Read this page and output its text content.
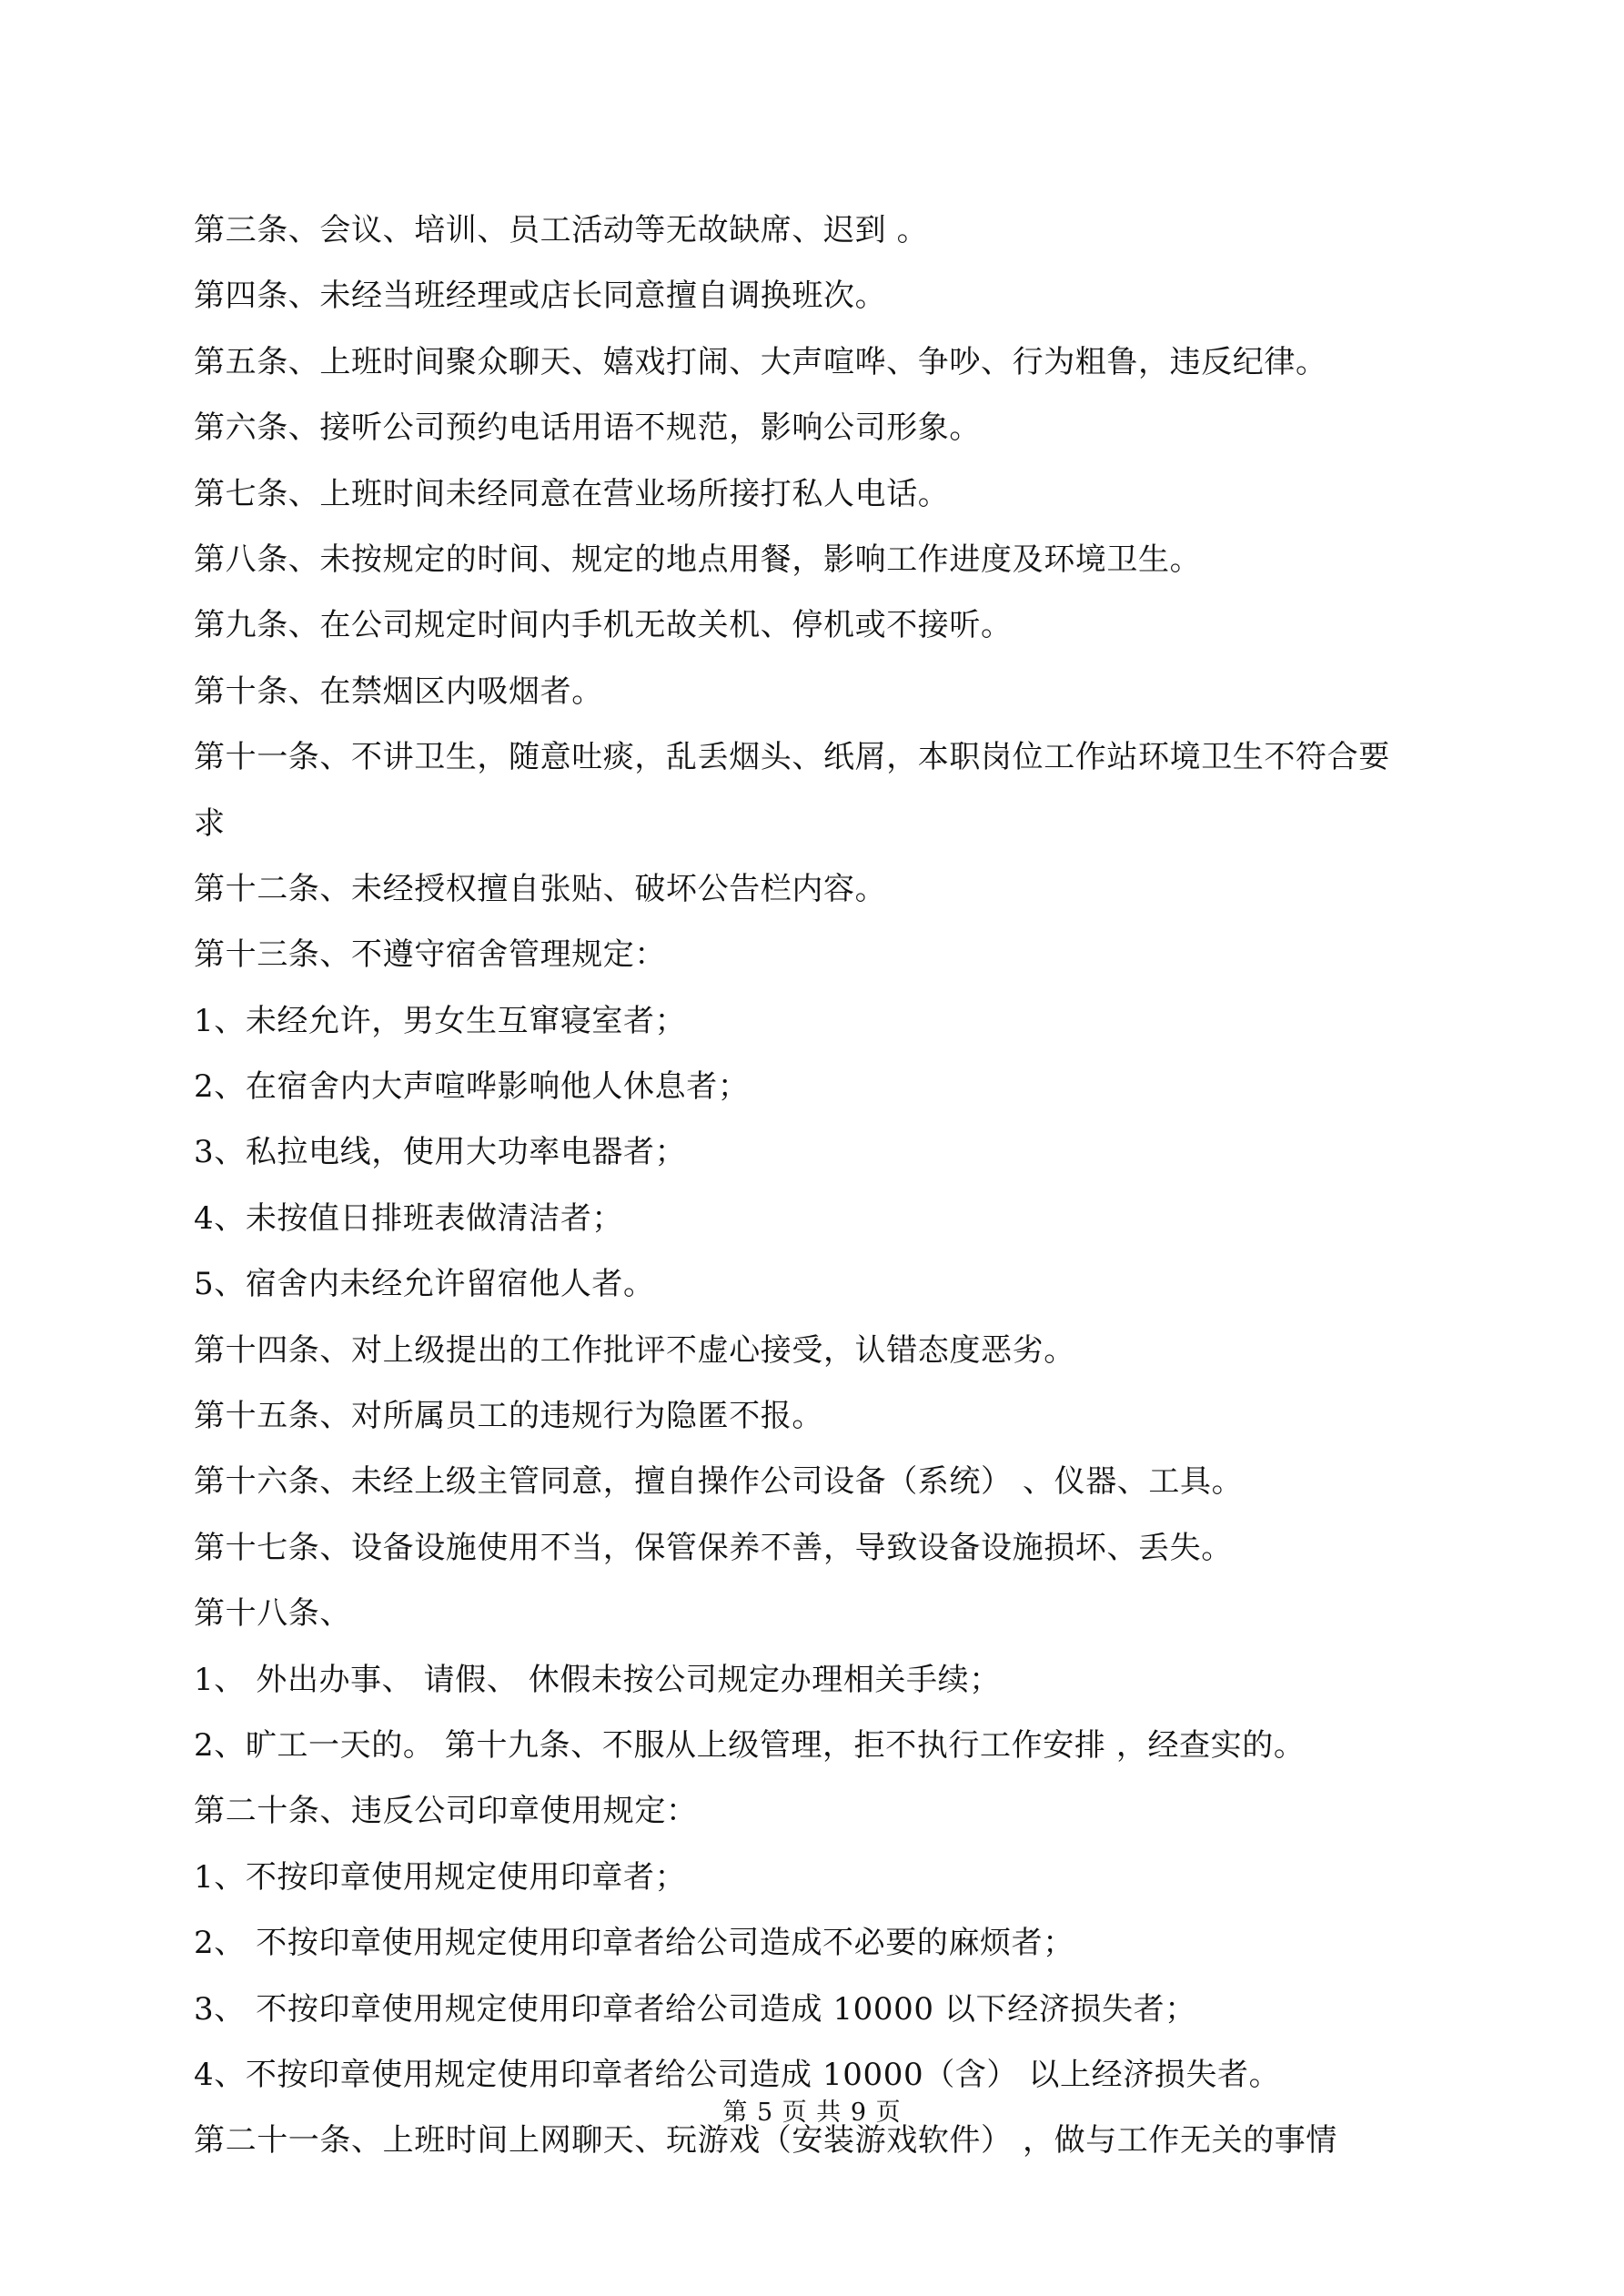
第三条、会议、培训、员工活动等无故缺席、迟到 。
第四条、未经当班经理或店长同意擅自调换班次。
第五条、上班时间聚众聊天、嬉戏打闹、大声喧哗、争吵、行为粗鲁，违反纪律。
第六条、接听公司预约电话用语不规范，影响公司形象。
第七条、上班时间未经同意在营业场所接打私人电话。
第八条、未按规定的时间、规定的地点用餐，影响工作进度及环境卫生。
第九条、在公司规定时间内手机无故关机、停机或不接听。
第十条、在禁烟区内吸烟者。
第十一条、不讲卫生，随意吐痰，乱丢烟头、纸屑，本职岗位工作站环境卫生不符合要
求
第十二条、未经授权擅自张贴、破坏公告栏内容。
第十三条、不遵守宿舍管理规定：
1、未经允许，男女生互窜寝室者；
2、在宿舍内大声喧哗影响他人休息者；
3、私拉电线，使用大功率电器者；
4、未按值日排班表做清洁者；
5、宿舍内未经允许留宿他人者。
第十四条、对上级提出的工作批评不虚心接受，认错态度恶劣。
第十五条、对所属员工的违规行为隐匿不报。
第十六条、未经上级主管同意，擅自操作公司设备（系统） 、仪器、工具。
第十七条、设备设施使用不当，保管保养不善，导致设备设施损坏、丢失。
第十八条、
1、 外出办事、 请假、 休假未按公司规定办理相关手续；
2、旷工一天的。 第十九条、不服从上级管理，拒不执行工作安排 ，经查实的。
第二十条、违反公司印章使用规定：
1、不按印章使用规定使用印章者；
2、 不按印章使用规定使用印章者给公司造成不必要的麻烦者；
3、 不按印章使用规定使用印章者给公司造成 10000 以下经济损失者；
4、不按印章使用规定使用印章者给公司造成 10000（含） 以上经济损失者。
第二十一条、上班时间上网聊天、玩游戏（安装游戏软件） ，做与工作无关的事情
第 5 页 共 9 页
